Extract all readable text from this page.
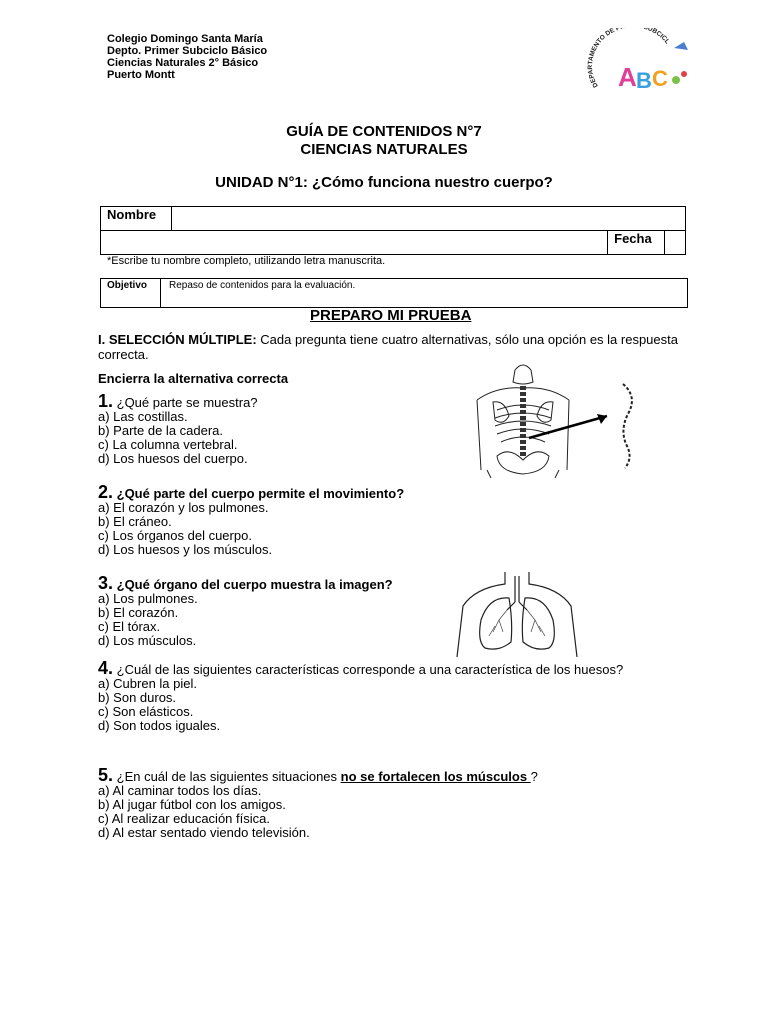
Colegio Domingo Santa María
Depto. Primer Subciclo Básico
Ciencias Naturales 2° Básico
Puerto Montt
DEPARTAMENTO DE P UBCICL
A B C
GUÍA DE CONTENIDOS N°7
CIENCIAS NATURALES
UNIDAD N°1: ¿Cómo funciona nuestro cuerpo?
Nombre			
		Fecha	
*Escribe tu nombre completo, utilizando letra manuscrita.
Objetivo	Repaso de contenidos para la evaluación.
PREPARO MI PRUEBA
I. SELECCIÓN MÚLTIPLE: Cada pregunta tiene cuatro alternativas, sólo una opción es la respuesta correcta.
Encierra la alternativa correcta
1. ¿Qué parte se muestra?
a) Las costillas.
b) Parte de la cadera.
c) La columna vertebral.
d) Los huesos del cuerpo.
2. ¿Qué parte del cuerpo permite el movimiento?
a) El corazón y los pulmones.
b) El cráneo.
c) Los órganos del cuerpo.
d) Los huesos y los músculos.
3. ¿Qué órgano del cuerpo muestra la imagen?
a) Los pulmones.
b) El corazón.
c) El tórax.
d) Los músculos.
4. ¿Cuál de las siguientes características corresponde a una característica de los huesos?
a) Cubren la piel.
b) Son duros.
c) Son elásticos.
d) Son todos iguales.
5. ¿En cuál de las siguientes situaciones no se fortalecen los músculos ?
a) Al caminar todos los días.
b) Al jugar fútbol con los amigos.
c) Al realizar educación física.
d) Al estar sentado viendo televisión.
